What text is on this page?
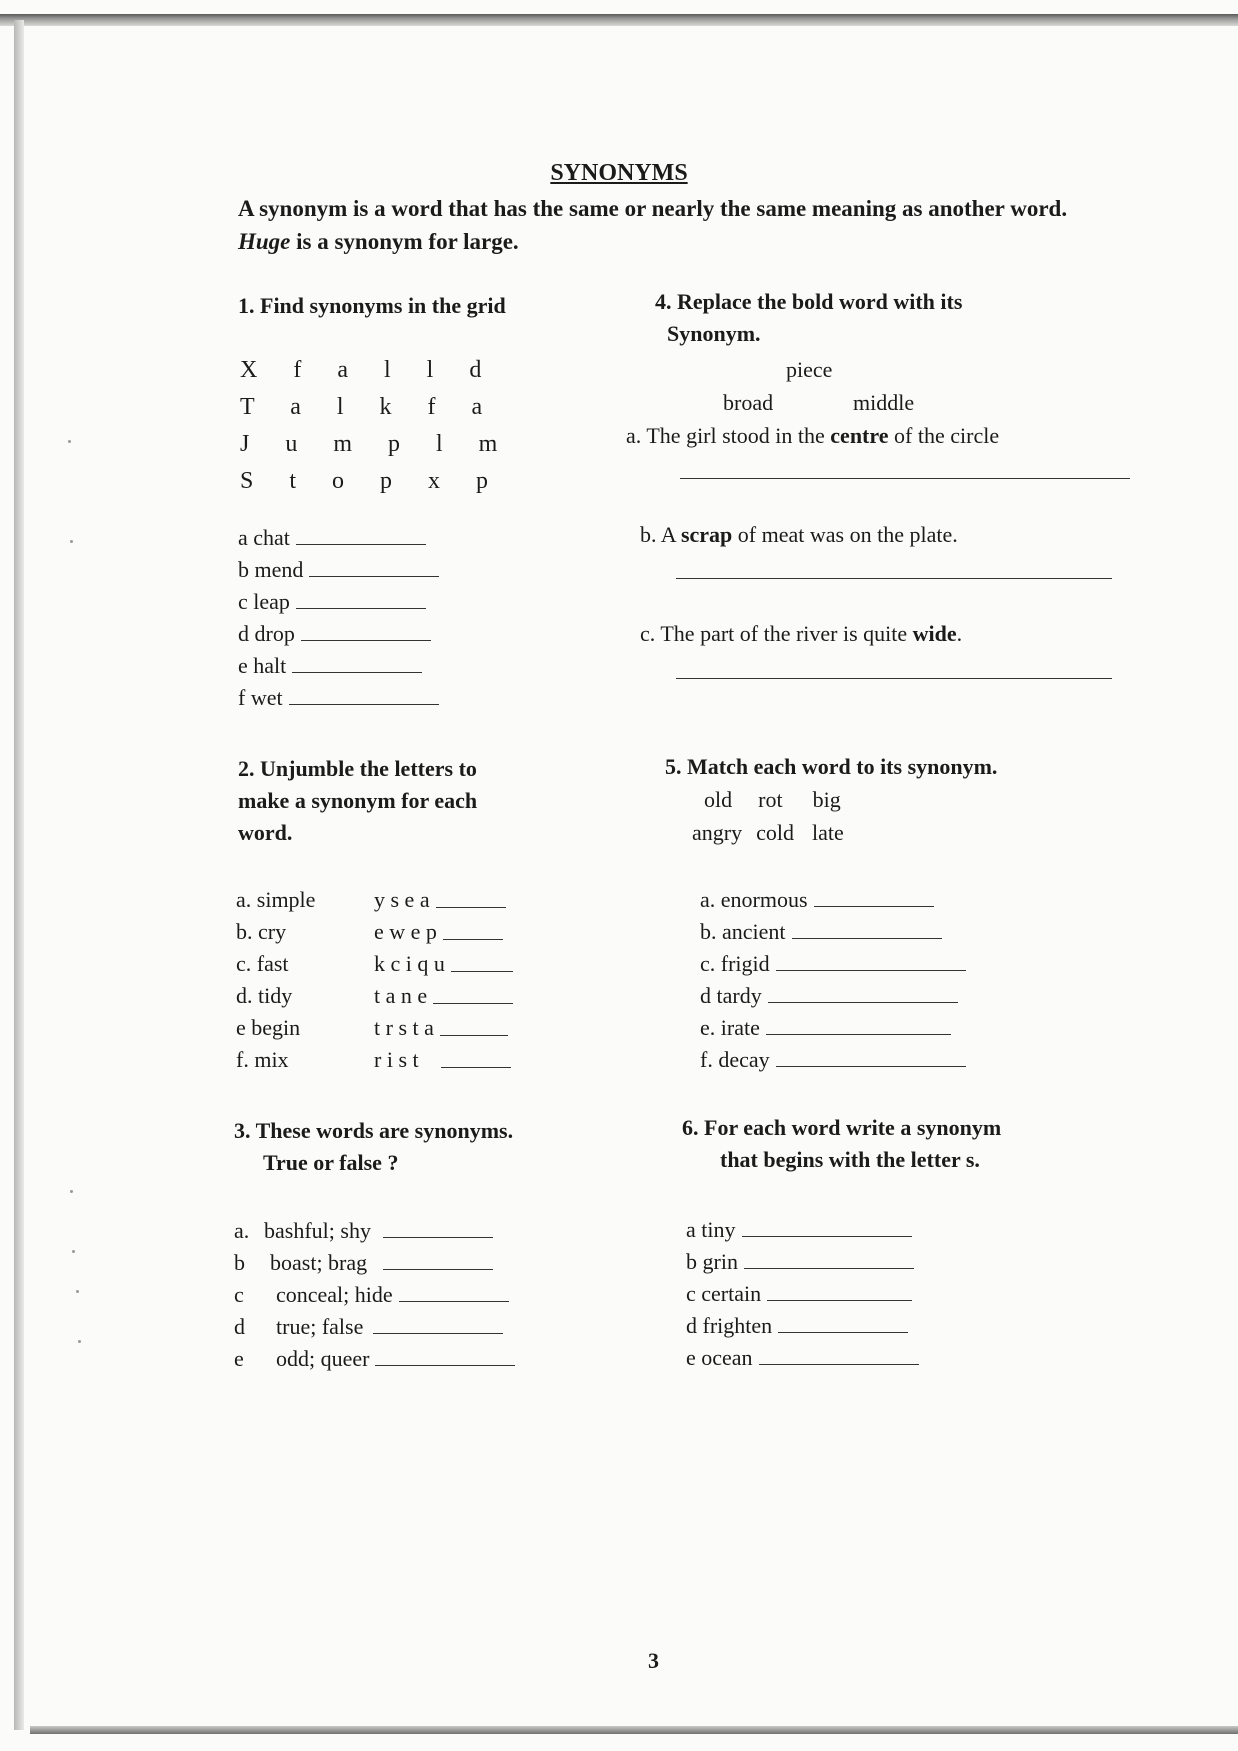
SYNONYMS
A synonym is a word that has the same or nearly the same meaning as another word. Huge is a synonym for large.
1. Find synonyms in the grid
X f a l l d
T a l k f a
J u m p l m
S t o p x p
a chat
b mend
c leap
d drop
e halt
f wet
4. Replace the bold word with its
Synonym.
piece
broad	middle
a. The girl stood in the centre of the circle
b. A scrap of meat was on the plate.
c. The part of the river is quite wide.
2. Unjumble the letters to
make a synonym for each
word.
a. simple	y s e a
b. cry	e w e p
c. fast	k c i q u
d. tidy	t a n e
e begin	t r s t a
f. mix	r i s t
5. Match each word to its synonym.
old rot big
angry cold late
a. enormous
b. ancient
c. frigid
d tardy
e. irate
f. decay
3. These words are synonyms.
True or false ?
a. bashful; shy
b boast; brag
c conceal; hide
d true; false
e odd; queer
6. For each word write a synonym
that begins with the letter s.
a tiny
b grin
c certain
d frighten
e ocean
3
